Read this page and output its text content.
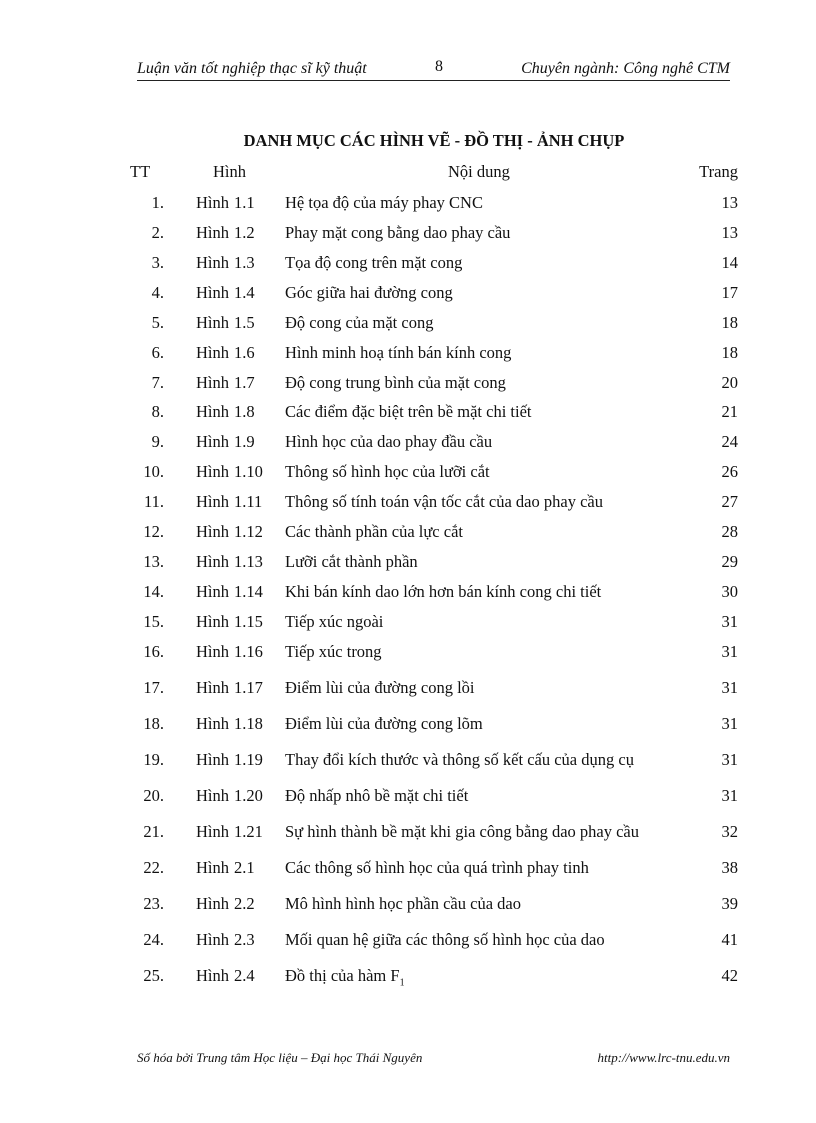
Luận văn tốt nghiệp thạc sĩ kỹ thuật	8	Chuyên ngành: Công nghê CTM
DANH MỤC CÁC HÌNH VẼ - ĐỒ THỊ - ẢNH CHỤP
TT	Hình	Nội dung	Trang
1. Hình 1.1 Hệ tọa độ của máy phay CNC	13
2. Hình 1.2 Phay mặt cong bằng dao phay cầu	13
3. Hình 1.3 Tọa độ cong trên mặt cong	14
4. Hình 1.4 Góc giữa hai đường cong	17
5. Hình 1.5 Độ cong của mặt cong	18
6. Hình 1.6 Hình minh hoạ tính bán kính cong	18
7. Hình 1.7 Độ cong trung bình của mặt cong	20
8. Hình 1.8 Các điểm đặc biệt trên bề mặt chi tiết	21
9. Hình 1.9 Hình học của dao phay đầu cầu	24
10. Hình 1.10 Thông số hình học của lưỡi cắt	26
11. Hình 1.11 Thông số tính toán vận tốc cắt của dao phay cầu	27
12. Hình 1.12 Các thành phần của lực cắt	28
13. Hình 1.13 Lưỡi cắt thành phần	29
14. Hình 1.14 Khi bán kính dao lớn hơn bán kính cong chi tiết	30
15. Hình 1.15 Tiếp xúc ngoài	31
16. Hình 1.16 Tiếp xúc trong	31
17. Hình 1.17 Điểm lùi của đường cong lồi	31
18. Hình 1.18 Điểm lùi của đường cong lõm	31
19. Hình 1.19 Thay đổi kích thước và thông số kết cấu của dụng cụ	31
20. Hình 1.20 Độ nhấp nhô bề mặt chi tiết	31
21. Hình 1.21 Sự hình thành bề mặt khi gia công bằng dao phay cầu	32
22. Hình 2.1 Các thông số hình học của quá trình phay tinh	38
23. Hình 2.2 Mô hình hình học phần cầu của dao	39
24. Hình 2.3 Mối quan hệ giữa các thông số hình học của dao	41
25. Hình 2.4 Đồ thị của hàm $F_1$	42
Số hóa bởi Trung tâm Học liệu – Đại học Thái Nguyên	http://www.lrc-tnu.edu.vn
